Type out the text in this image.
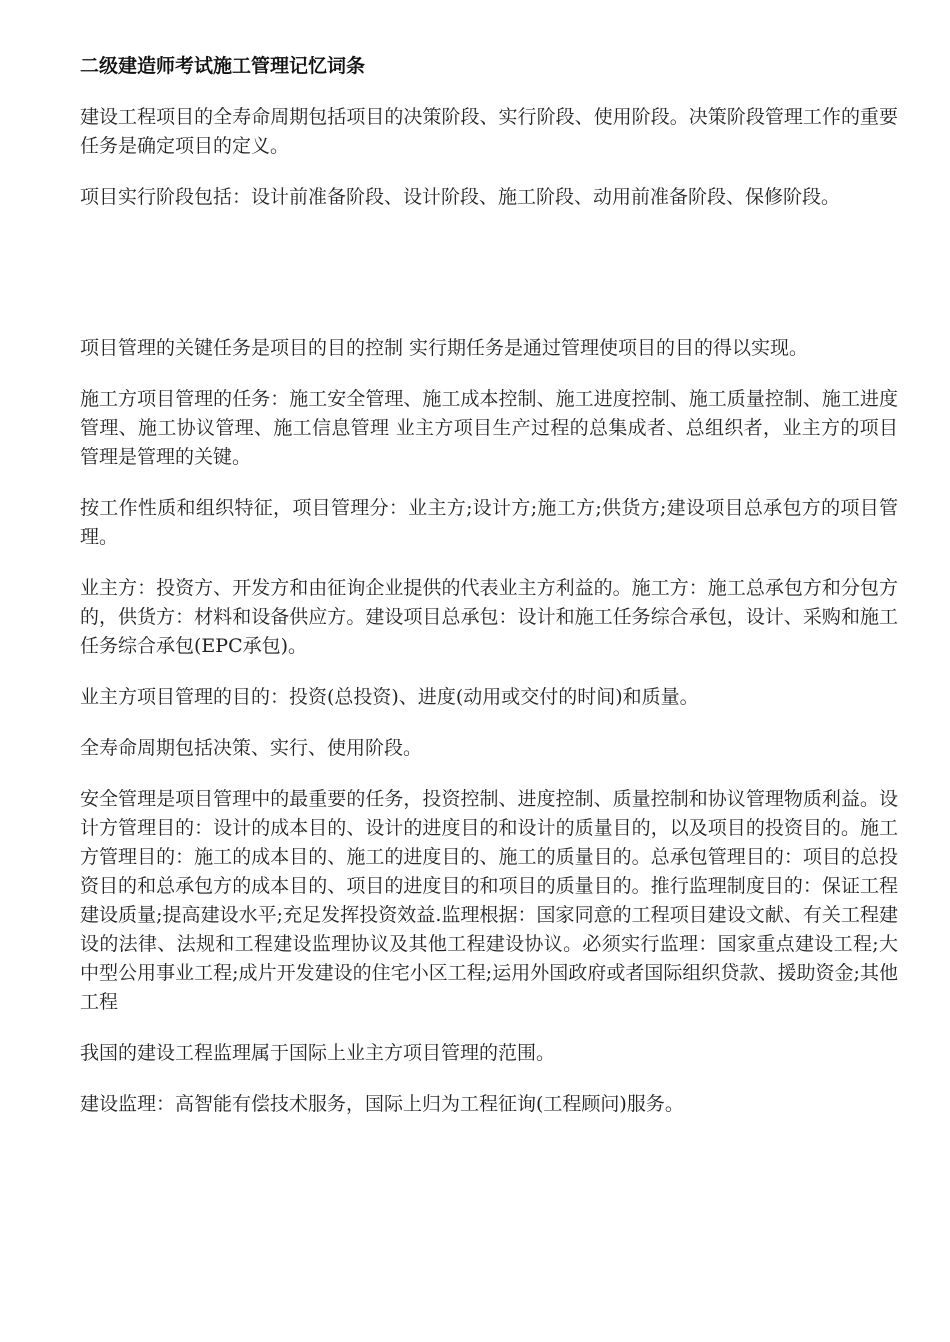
二级建造师考试施工管理记忆词条

建设工程项目的全寿命周期包括项目的决策阶段、实行阶段、使用阶段。决策阶段管理工作的重要任务是确定项目的定义。

项目实行阶段包括：设计前准备阶段、设计阶段、施工阶段、动用前准备阶段、保修阶段。

项目管理的关键任务是项目的目的控制 实行期任务是通过管理使项目的目的得以实现。

施工方项目管理的任务：施工安全管理、施工成本控制、施工进度控制、施工质量控制、施工进度管理、施工协议管理、施工信息管理 业主方项目生产过程的总集成者、总组织者，业主方的项目管理是管理的关键。

按工作性质和组织特征，项目管理分：业主方;设计方;施工方;供货方;建设项目总承包方的项目管理。

业主方：投资方、开发方和由征询企业提供的代表业主方利益的。施工方：施工总承包方和分包方的，供货方：材料和设备供应方。建设项目总承包：设计和施工任务综合承包，设计、采购和施工任务综合承包(EPC承包)。

业主方项目管理的目的：投资(总投资)、进度(动用或交付的时间)和质量。

全寿命周期包括决策、实行、使用阶段。

安全管理是项目管理中的最重要的任务，投资控制、进度控制、质量控制和协议管理物质利益。设计方管理目的：设计的成本目的、设计的进度目的和设计的质量目的，以及项目的投资目的。施工方管理目的：施工的成本目的、施工的进度目的、施工的质量目的。总承包管理目的：项目的总投资目的和总承包方的成本目的、项目的进度目的和项目的质量目的。推行监理制度目的：保证工程建设质量;提高建设水平;充足发挥投资效益.监理根据：国家同意的工程项目建设文献、有关工程建设的法律、法规和工程建设监理协议及其他工程建设协议。必须实行监理：国家重点建设工程;大中型公用事业工程;成片开发建设的住宅小区工程;运用外国政府或者国际组织贷款、援助资金;其他工程

我国的建设工程监理属于国际上业主方项目管理的范围。

建设监理：高智能有偿技术服务，国际上归为工程征询(工程顾问)服务。
